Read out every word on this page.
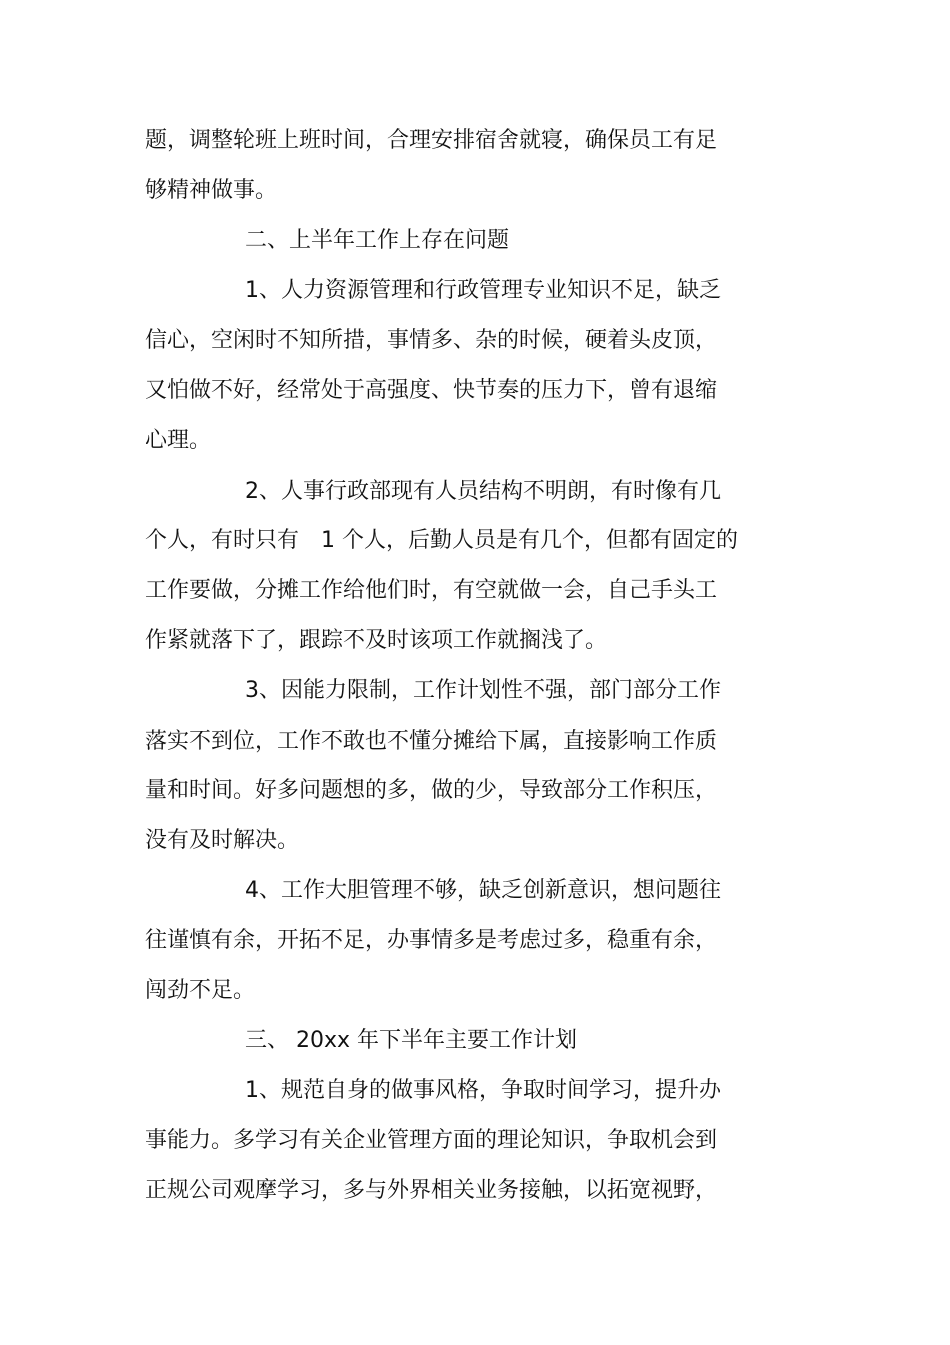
题，调整轮班上班时间，合理安排宿舍就寝，确保员工有足

够精神做事。

二、上半年工作上存在问题

1、人力资源管理和行政管理专业知识不足，缺乏

信心，空闲时不知所措，事情多、杂的时候，硬着头皮顶，

又怕做不好，经常处于高强度、快节奏的压力下，曾有退缩

心理。

2、人事行政部现有人员结构不明朗，有时像有几

个人，有时只有　1 个人，后勤人员是有几个，但都有固定的

工作要做，分摊工作给他们时，有空就做一会，自己手头工

作紧就落下了，跟踪不及时该项工作就搁浅了。

3、因能力限制，工作计划性不强，部门部分工作

落实不到位，工作不敢也不懂分摊给下属，直接影响工作质

量和时间。好多问题想的多，做的少，导致部分工作积压，

没有及时解决。

4、工作大胆管理不够，缺乏创新意识，想问题往

往谨慎有余，开拓不足，办事情多是考虑过多，稳重有余，

闯劲不足。

三、 20xx 年下半年主要工作计划

1、规范自身的做事风格，争取时间学习，提升办

事能力。多学习有关企业管理方面的理论知识，争取机会到

正规公司观摩学习，多与外界相关业务接触，以拓宽视野，
